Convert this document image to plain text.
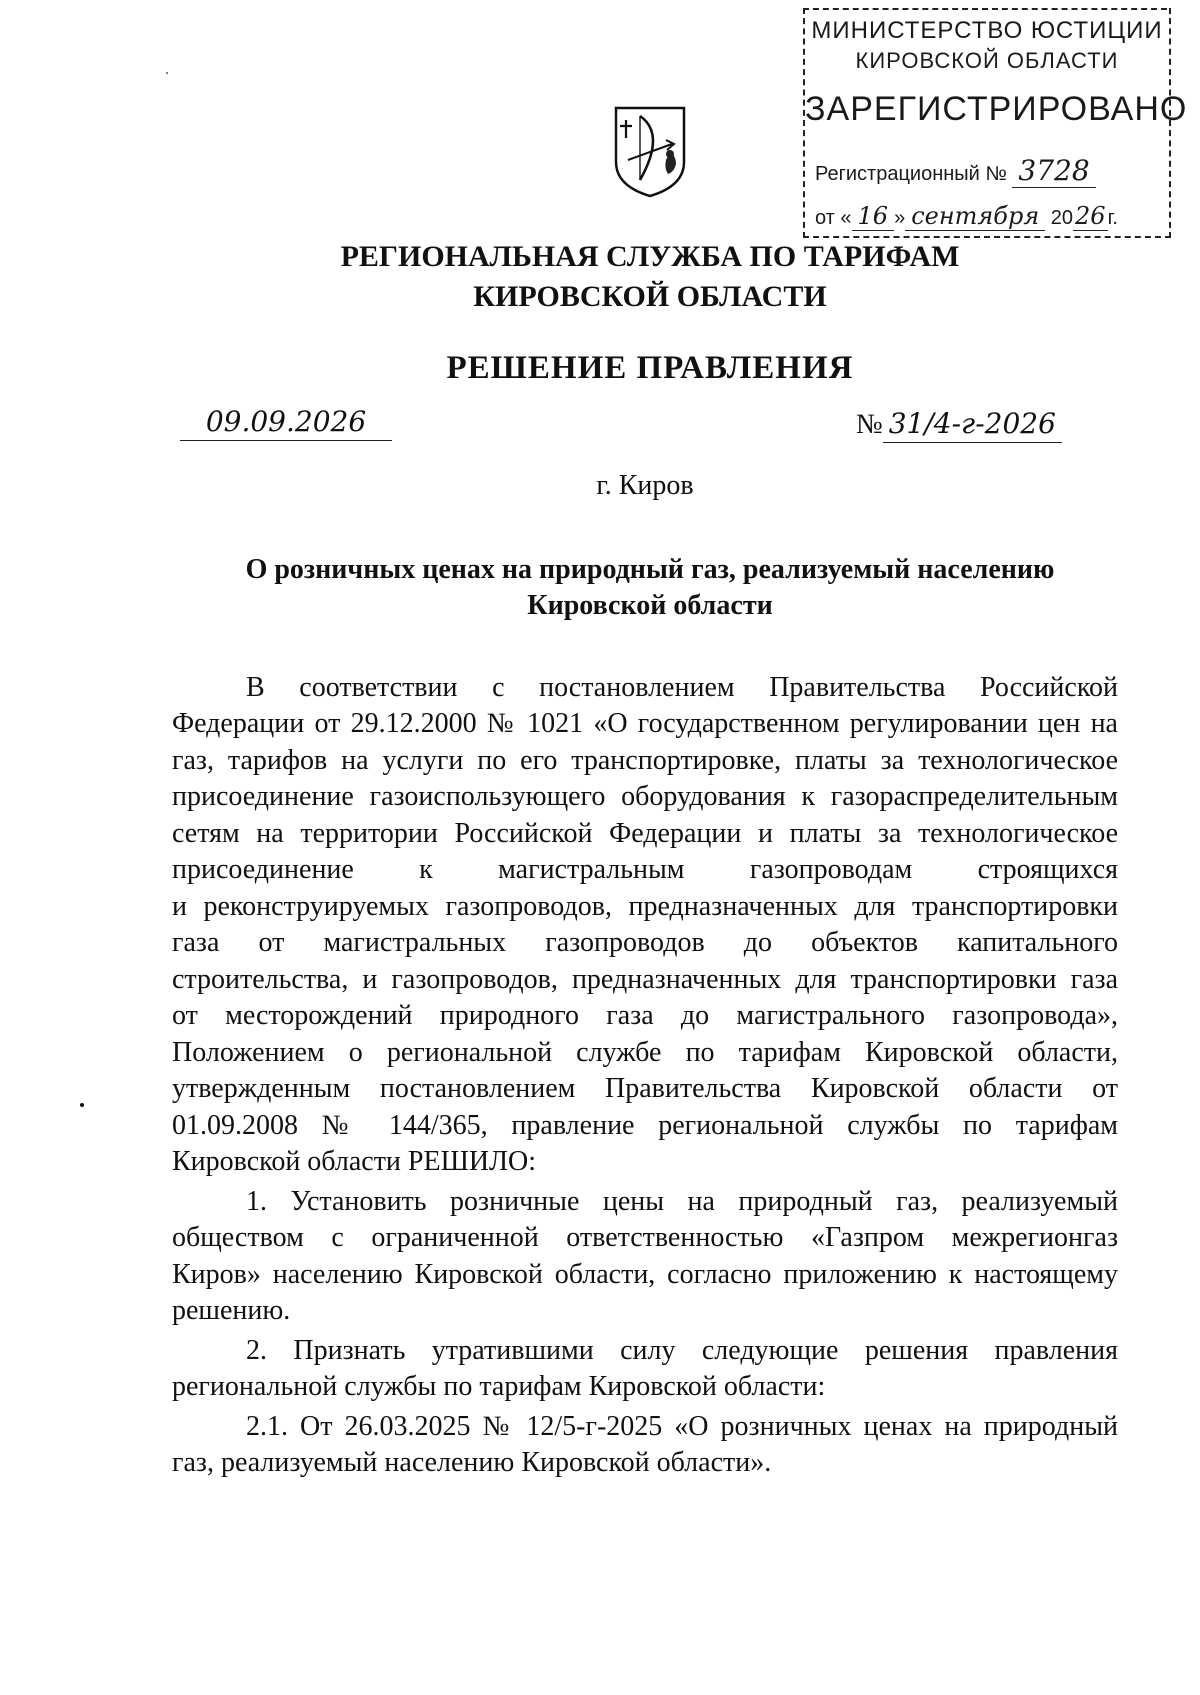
МИНИСТЕРСТВО ЮСТИЦИИ
КИРОВСКОЙ ОБЛАСТИ
ЗАРЕГИСТРИРОВАНО
Регистрационный № 3728
от « 16 » сентября 2026 г.
РЕГИОНАЛЬНАЯ СЛУЖБА ПО ТАРИФАМ
КИРОВСКОЙ ОБЛАСТИ
РЕШЕНИЕ ПРАВЛЕНИЯ
09.09.2026	№ 31/4-г-2026
г. Киров
О розничных ценах на природный газ, реализуемый населению
Кировской области
В соответствии с постановлением Правительства Российской
Федерации от 29.12.2000 № 1021 «О государственном регулировании цен на
газ, тарифов на услуги по его транспортировке, платы за технологическое
присоединение газоиспользующего оборудования к газораспределительным
сетям на территории Российской Федерации и платы за технологическое
присоединение к магистральным газопроводам строящихся
и реконструируемых газопроводов, предназначенных для транспортировки
газа от магистральных газопроводов до объектов капитального
строительства, и газопроводов, предназначенных для транспортировки газа
от месторождений природного газа до магистрального газопровода»,
Положением о региональной службе по тарифам Кировской области,
утвержденным постановлением Правительства Кировской области от
01.09.2008 № 144/365, правление региональной службы по тарифам
Кировской области РЕШИЛО:
1. Установить розничные цены на природный газ, реализуемый
обществом с ограниченной ответственностью «Газпром межрегионгаз
Киров» населению Кировской области, согласно приложению к настоящему
решению.
2. Признать утратившими силу следующие решения правления
региональной службы по тарифам Кировской области:
2.1. От 26.03.2025 № 12/5-г-2025 «О розничных ценах на природный
газ, реализуемый населению Кировской области».
